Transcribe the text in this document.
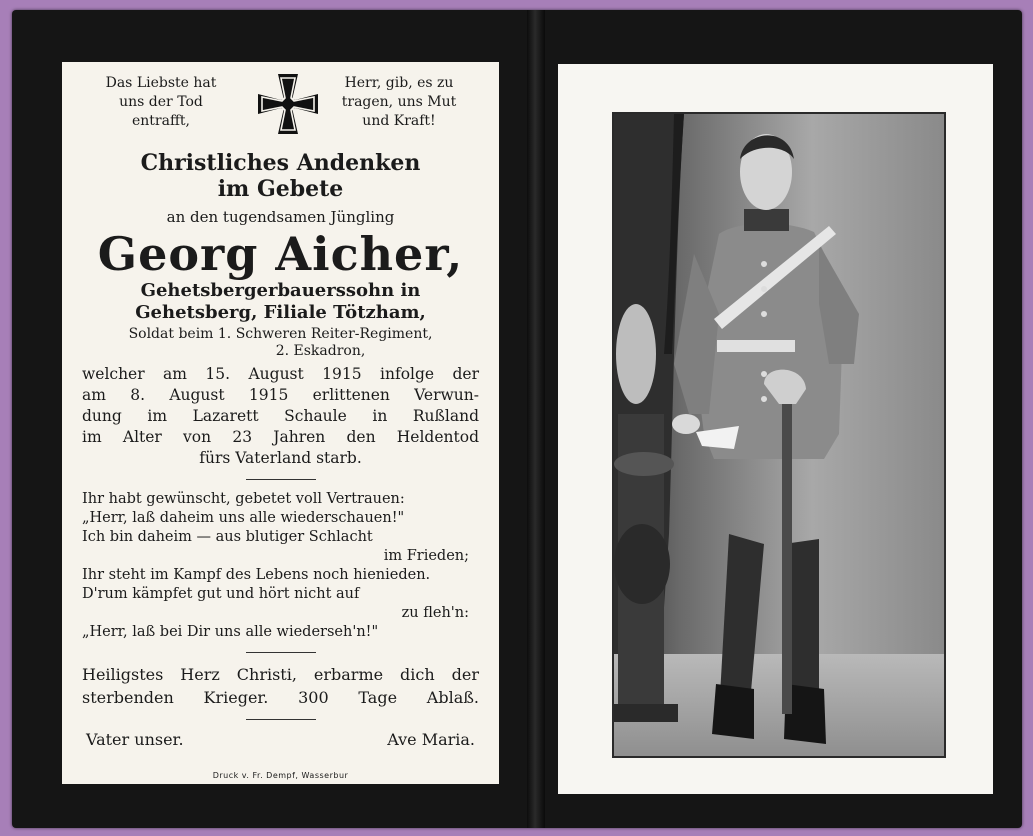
Das Liebste hat
uns der Tod
entrafft,
Herr, gib, es zu
tragen, uns Mut
und Kraft!
Christliches Andenken
im Gebete
an den tugendsamen Jüngling
Georg Aicher,
Gehetsbergerbauerssohn in
Gehetsberg, Filiale Tötzham,
Soldat beim 1. Schweren Reiter-Regiment,
2. Eskadron,
welcher am 15. August 1915 infolge der
am 8. August 1915 erlittenen Verwun-
dung im Lazarett Schaule in Rußland
im Alter von 23 Jahren den Heldentod
fürs Vaterland starb.
Ihr habt gewünscht, gebetet voll Vertrauen:
„Herr, laß daheim uns alle wiederschauen!"
Ich bin daheim — aus blutiger Schlacht
im Frieden;
Ihr steht im Kampf des Lebens noch hienieden.
D'rum kämpfet gut und hört nicht auf
zu fleh'n:
„Herr, laß bei Dir uns alle wiederseh'n!"
Heiligstes Herz Christi, erbarme dich der
sterbenden Krieger. 300 Tage Ablaß.
Vater unser.	Ave Maria.
Druck v. Fr. Dempf, Wasserbur
